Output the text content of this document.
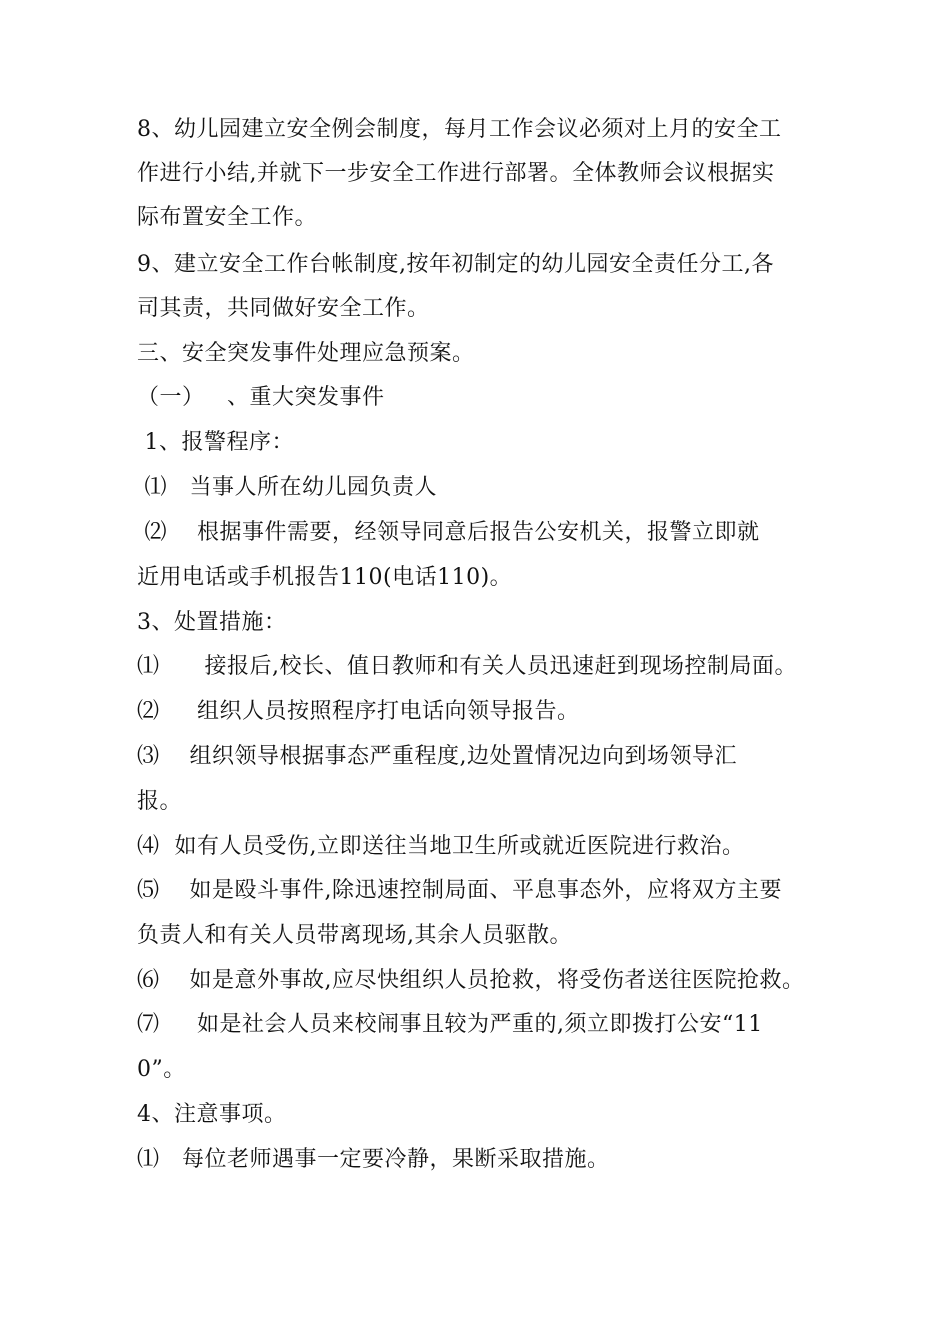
8、幼儿园建立安全例会制度，每月工作会议必须对上月的安全工
作进行小结,并就下一步安全工作进行部署。全体教师会议根据实
际布置安全工作。
9、建立安全工作台帐制度,按年初制定的幼儿园安全责任分工,各
司其责，共同做好安全工作。
三、安全突发事件处理应急预案。
（一）   、重大突发事件
1、报警程序：
⑴   当事人所在幼儿园负责人
⑵    根据事件需要，经领导同意后报告公安机关，报警立即就
近用电话或手机报告110(电话110)。
3、处置措施：
⑴      接报后,校长、值日教师和有关人员迅速赶到现场控制局面。
⑵     组织人员按照程序打电话向领导报告。
⑶    组织领导根据事态严重程度,边处置情况边向到场领导汇
报。
⑷  如有人员受伤,立即送往当地卫生所或就近医院进行救治。
⑸    如是殴斗事件,除迅速控制局面、平息事态外，应将双方主要
负责人和有关人员带离现场,其余人员驱散。
⑹    如是意外事故,应尽快组织人员抢救，将受伤者送往医院抢救。
⑺     如是社会人员来校闹事且较为严重的,须立即拨打公安“11
0”。
4、注意事项。
⑴   每位老师遇事一定要冷静，果断采取措施。
